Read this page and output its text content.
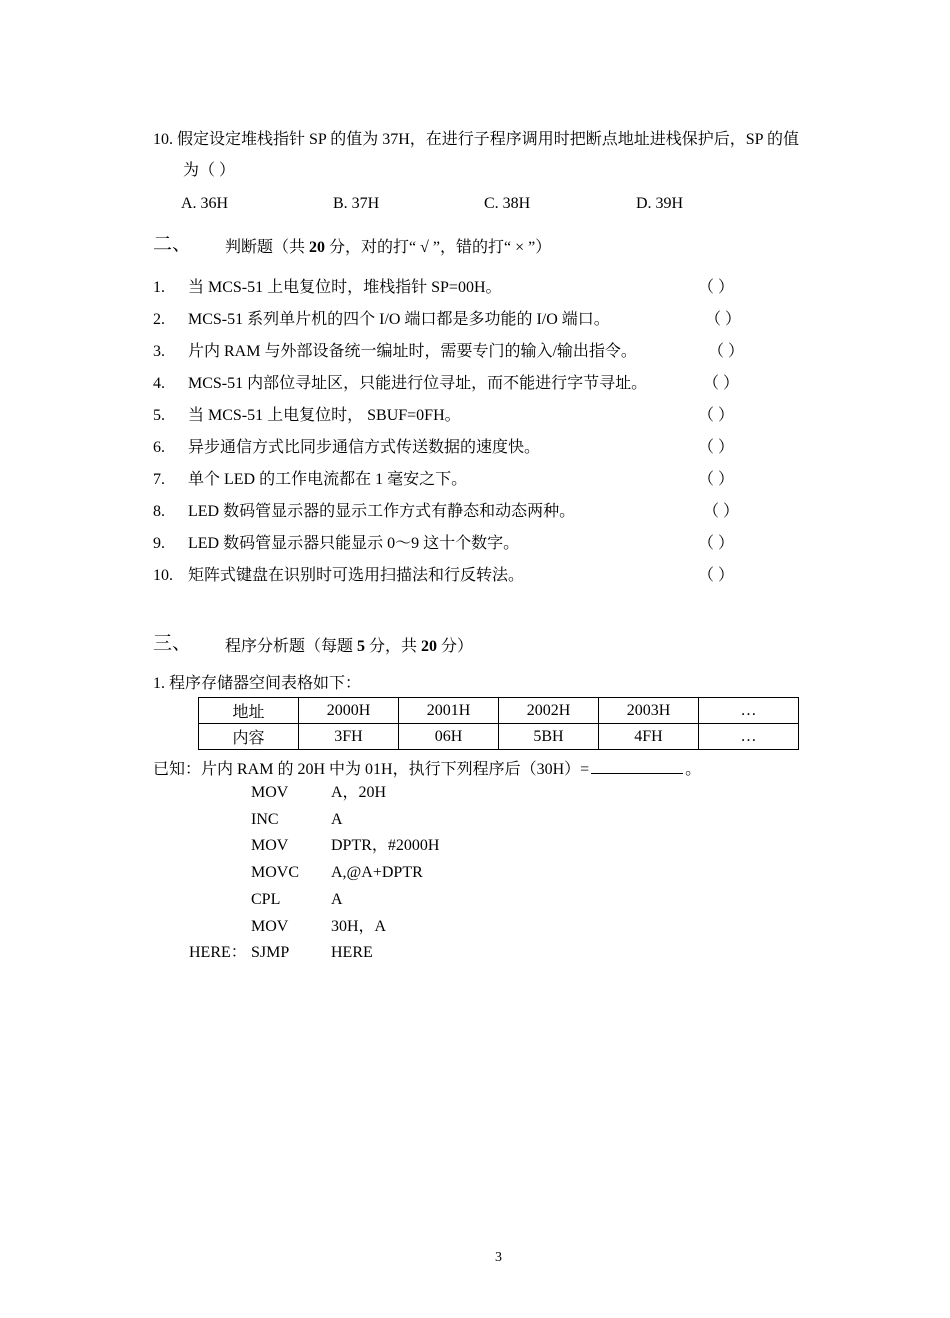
10. 假定设定堆栈指针 SP 的值为 37H，在进行子程序调用时把断点地址进栈保护后，SP 的值
为（ ）
A. 36H	B. 37H	C. 38H	D. 39H
二、 判断题（共 20 分，对的打“ √ ”，错的打“ × ”）
1. 当 MCS-51 上电复位时，堆栈指针 SP=00H。	（ ）
2. MCS-51 系列单片机的四个 I/O 端口都是多功能的 I/O 端口。	（ ）
3. 片内 RAM 与外部设备统一编址时，需要专门的输入/输出指令。	（ ）
4. MCS-51 内部位寻址区，只能进行位寻址，而不能进行字节寻址。	（ ）
5. 当 MCS-51 上电复位时， SBUF=0FH。	（ ）
6. 异步通信方式比同步通信方式传送数据的速度快。	（ ）
7. 单个 LED 的工作电流都在 1 毫安之下。	（ ）
8. LED 数码管显示器的显示工作方式有静态和动态两种。	（ ）
9. LED 数码管显示器只能显示 0～9 这十个数字。	（ ）
10. 矩阵式键盘在识别时可选用扫描法和行反转法。	（ ）
三、 程序分析题（每题 5 分，共 20 分）
1. 程序存储器空间表格如下：
地址	2000H	2001H	2002H	2003H	…
内容	3FH	06H	5BH	4FH	…
已知：片内 RAM 的 20H 中为 01H，执行下列程序后（30H）=	。
MOV	A，20H
INC	A
MOV	DPTR，#2000H
MOVC A,@A+DPTR
CPL	A
MOV	30H，A
HERE： SJMP	HERE
3
